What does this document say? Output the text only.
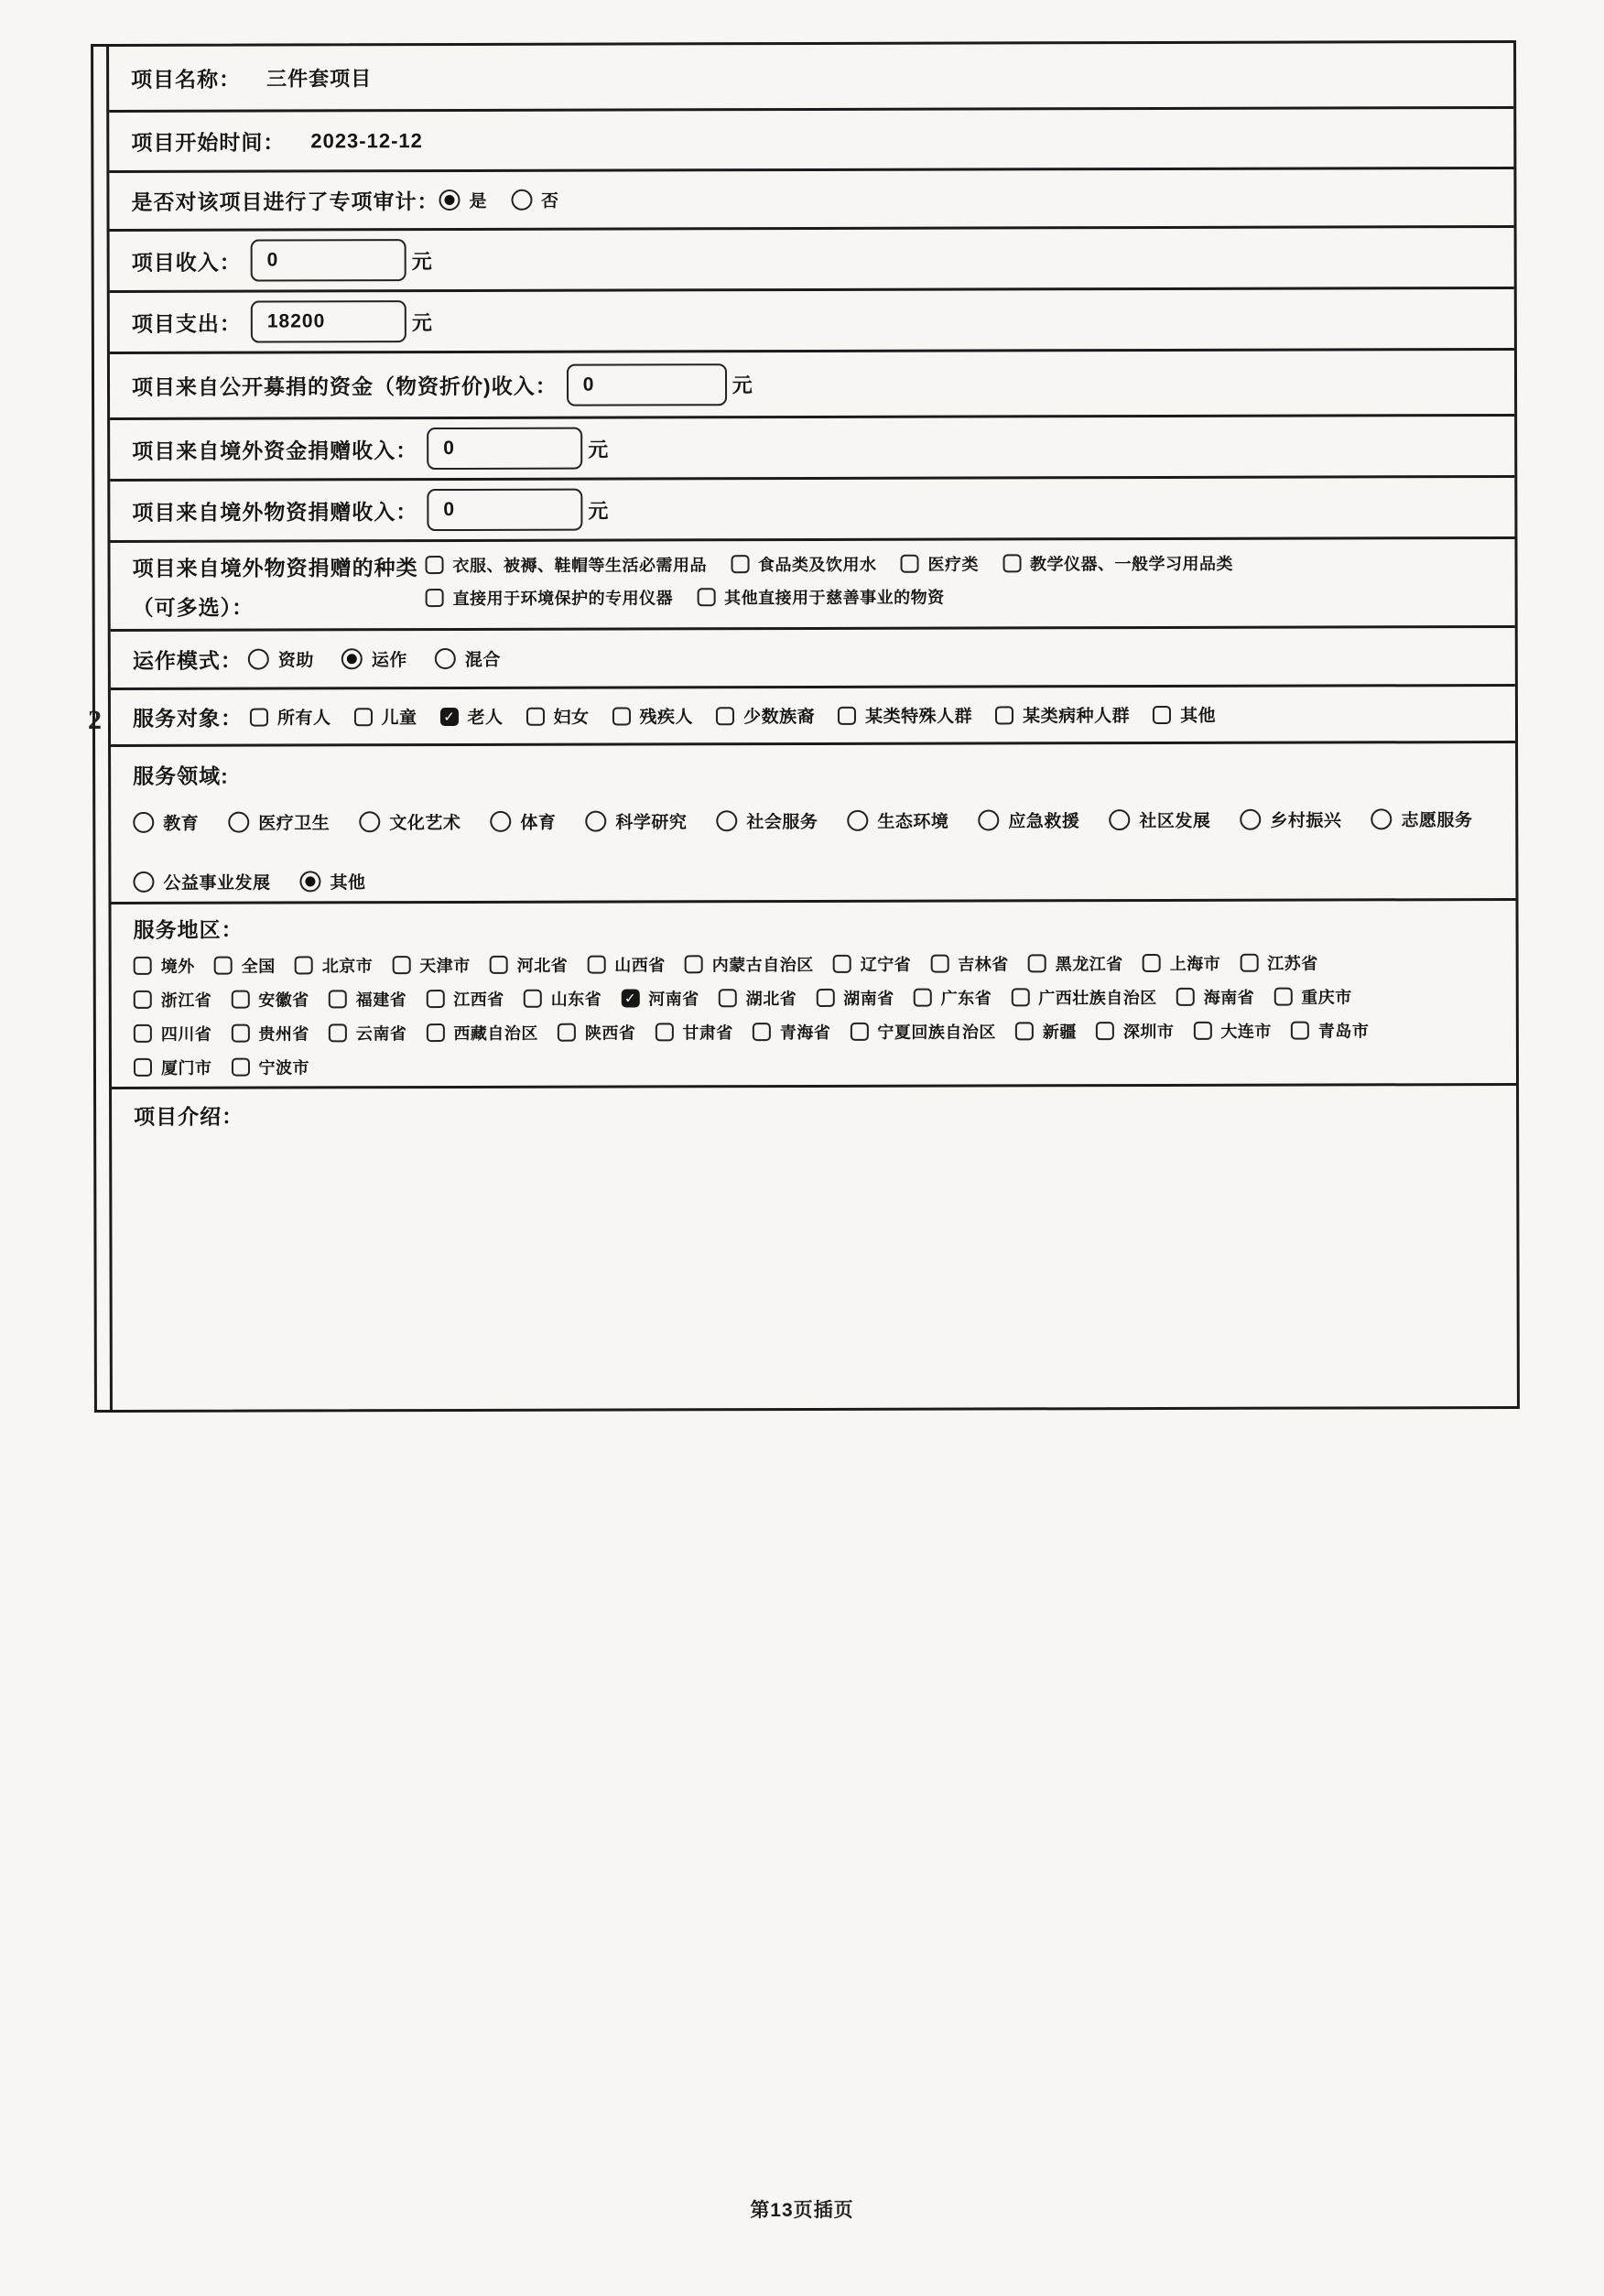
2
项目名称： 三件套项目
项目开始时间： 2023-12-12
是否对该项目进行了专项审计： 是	否
项目收入：	0	元
项目支出：	18200	元
项目来自公开募捐的资金（物资折价)收入：	0	元
项目来自境外资金捐赠收入：	0	元
项目来自境外物资捐赠收入：	0	元
项目来自境外物资捐赠的种类
（可多选）：
衣服、被褥、鞋帽等生活必需用品	食品类及饮用水	医疗类	教学仪器、一般学习用品类
直接用于环境保护的专用仪器	其他直接用于慈善事业的物资
运作模式： 资助	运作	混合
服务对象： 所有人	儿童 ✓	老人	妇女	残疾人	少数族裔	某类特殊人群	某类病种人群	其他
服务领域:
教育	医疗卫生	文化艺术	体育	科学研究	社会服务	生态环境	应急救援	社区发展	乡村振兴	志愿服务
公益事业发展	其他
服务地区：
境外	全国	北京市	天津市	河北省	山西省	内蒙古自治区	辽宁省	吉林省	黑龙江省	上海市	江苏省
浙江省	安徽省	福建省	江西省	山东省 ✓	河南省	湖北省	湖南省	广东省	广西壮族自治区	海南省	重庆市
四川省	贵州省	云南省	西藏自治区	陕西省	甘肃省	青海省	宁夏回族自治区	新疆	深圳市	大连市	青岛市
厦门市	宁波市
项目介绍：

第13页插页
